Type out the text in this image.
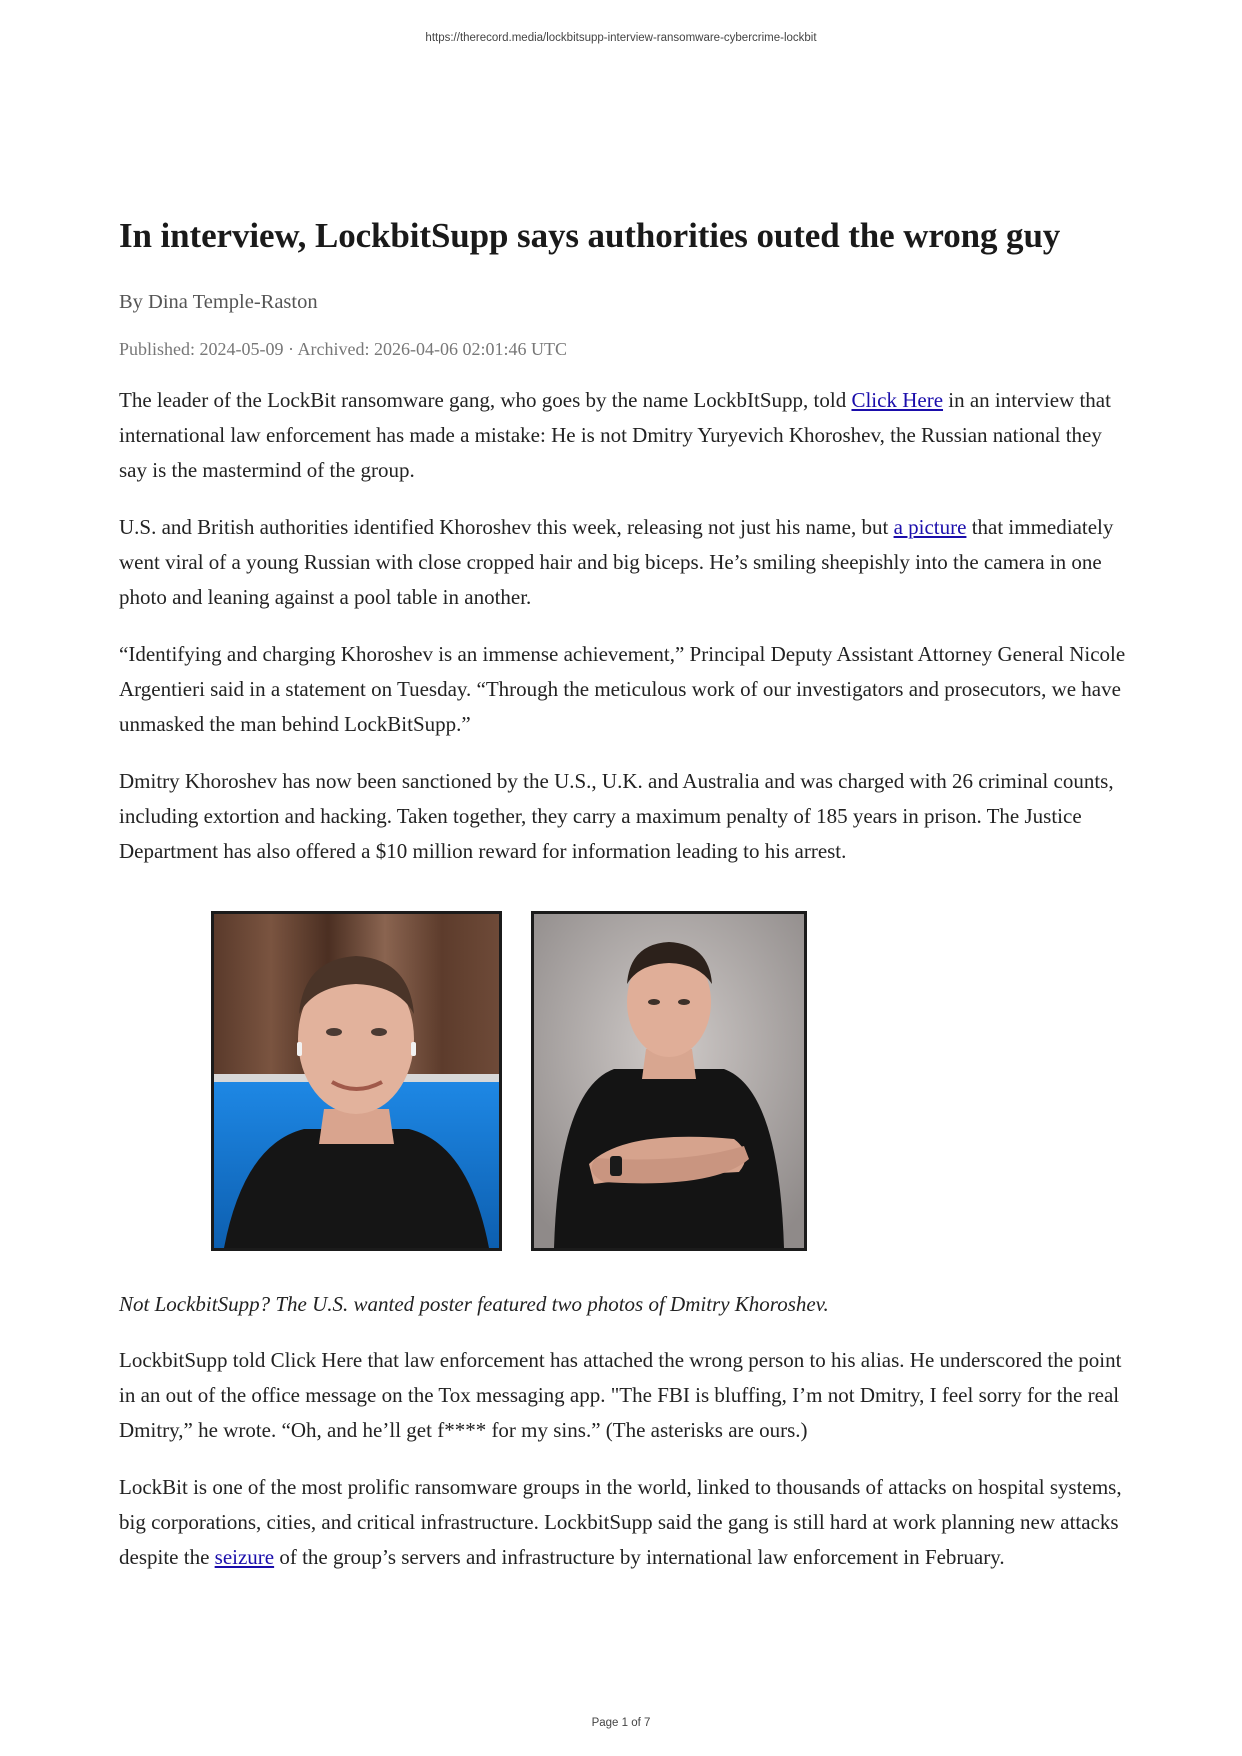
https://therecord.media/lockbitsupp-interview-ransomware-cybercrime-lockbit
In interview, LockbitSupp says authorities outed the wrong guy
By Dina Temple-Raston
Published: 2024-05-09 · Archived: 2026-04-06 02:01:46 UTC

The leader of the LockBit ransomware gang, who goes by the name LockbItSupp, told Click Here in an interview that international law enforcement has made a mistake: He is not Dmitry Yuryevich Khoroshev, the Russian national they say is the mastermind of the group.

U.S. and British authorities identified Khoroshev this week, releasing not just his name, but a picture that immediately went viral of a young Russian with close cropped hair and big biceps. He’s smiling sheepishly into the camera in one photo and leaning against a pool table in another.

“Identifying and charging Khoroshev is an immense achievement,” Principal Deputy Assistant Attorney General Nicole Argentieri said in a statement on Tuesday. “Through the meticulous work of our investigators and prosecutors, we have unmasked the man behind LockBitSupp.”

Dmitry Khoroshev has now been sanctioned by the U.S., U.K. and Australia and was charged with 26 criminal counts, including extortion and hacking. Taken together, they carry a maximum penalty of 185 years in prison. The Justice Department has also offered a $10 million reward for information leading to his arrest.

Not LockbitSupp? The U.S. wanted poster featured two photos of Dmitry Khoroshev.

LockbitSupp told Click Here that law enforcement has attached the wrong person to his alias. He underscored the point in an out of the office message on the Tox messaging app. "The FBI is bluffing, I’m not Dmitry, I feel sorry for the real Dmitry,” he wrote. “Oh, and he’ll get f**** for my sins.” (The asterisks are ours.)

LockBit is one of the most prolific ransomware groups in the world, linked to thousands of attacks on hospital systems, big corporations, cities, and critical infrastructure. LockbitSupp said the gang is still hard at work planning new attacks despite the seizure of the group’s servers and infrastructure by international law enforcement in February.

Page 1 of 7
